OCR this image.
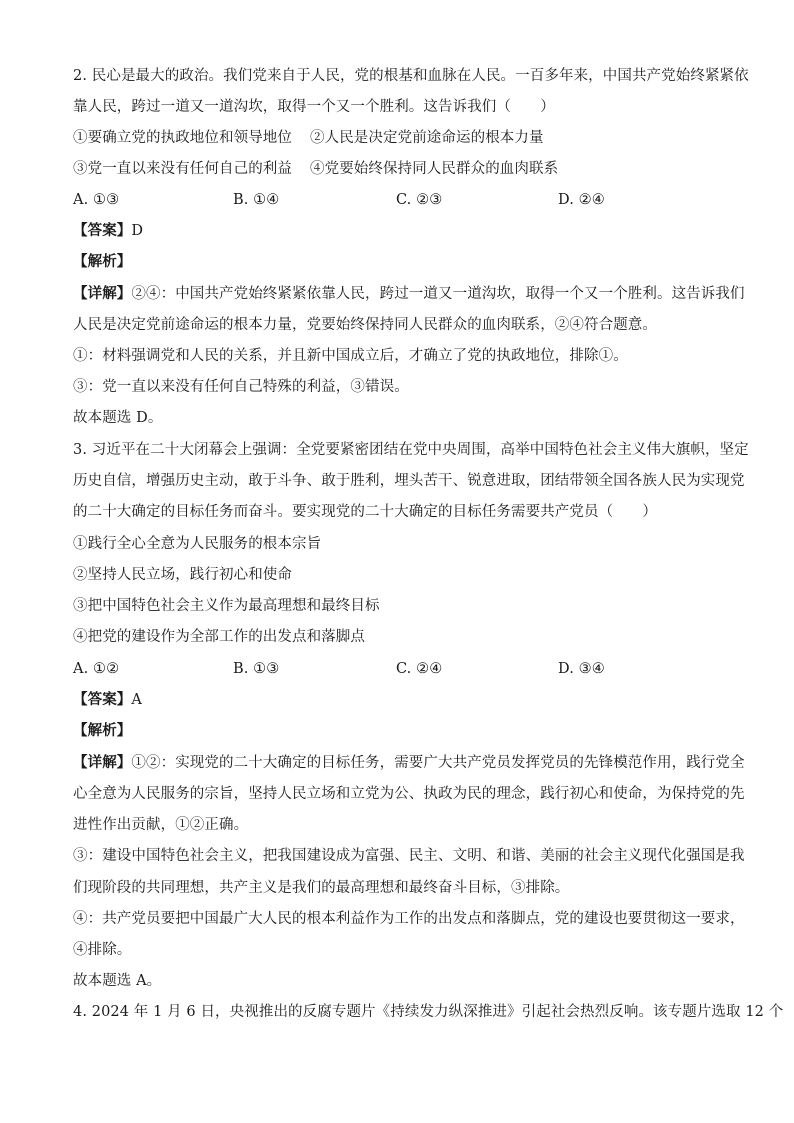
2. 民心是最大的政治。我们党来自于人民，党的根基和血脉在人民。一百多年来，中国共产党始终紧紧依
靠人民，跨过一道又一道沟坎，取得一个又一个胜利。这告诉我们（　　）
①要确立党的执政地位和领导地位 ②人民是决定党前途命运的根本力量
③党一直以来没有任何自己的利益 ④党要始终保持同人民群众的血肉联系
A. ①③	B. ①④	C. ②③	D. ②④
【答案】D
【解析】
【详解】②④：中国共产党始终紧紧依靠人民，跨过一道又一道沟坎，取得一个又一个胜利。这告诉我们
人民是决定党前途命运的根本力量，党要始终保持同人民群众的血肉联系，②④符合题意。
①：材料强调党和人民的关系，并且新中国成立后，才确立了党的执政地位，排除①。
③：党一直以来没有任何自己特殊的利益，③错误。
故本题选 D。
3. 习近平在二十大闭幕会上强调：全党要紧密团结在党中央周围，高举中国特色社会主义伟大旗帜，坚定
历史自信，增强历史主动，敢于斗争、敢于胜利，埋头苦干、锐意进取，团结带领全国各族人民为实现党
的二十大确定的目标任务而奋斗。要实现党的二十大确定的目标任务需要共产党员（　　）
①践行全心全意为人民服务的根本宗旨
②坚持人民立场，践行初心和使命
③把中国特色社会主义作为最高理想和最终目标
④把党的建设作为全部工作的出发点和落脚点
A. ①②	B. ①③	C. ②④	D. ③④
【答案】A
【解析】
【详解】①②：实现党的二十大确定的目标任务，需要广大共产党员发挥党员的先锋模范作用，践行党全
心全意为人民服务的宗旨，坚持人民立场和立党为公、执政为民的理念，践行初心和使命，为保持党的先
进性作出贡献，①②正确。
③：建设中国特色社会主义，把我国建设成为富强、民主、文明、和谐、美丽的社会主义现代化强国是我
们现阶段的共同理想，共产主义是我们的最高理想和最终奋斗目标，③排除。
④：共产党员要把中国最广大人民的根本利益作为工作的出发点和落脚点，党的建设也要贯彻这一要求，
④排除。
故本题选 A。
4. 2024 年 1 月 6 日，央视推出的反腐专题片《持续发力纵深推进》引起社会热烈反响。该专题片选取 12 个
